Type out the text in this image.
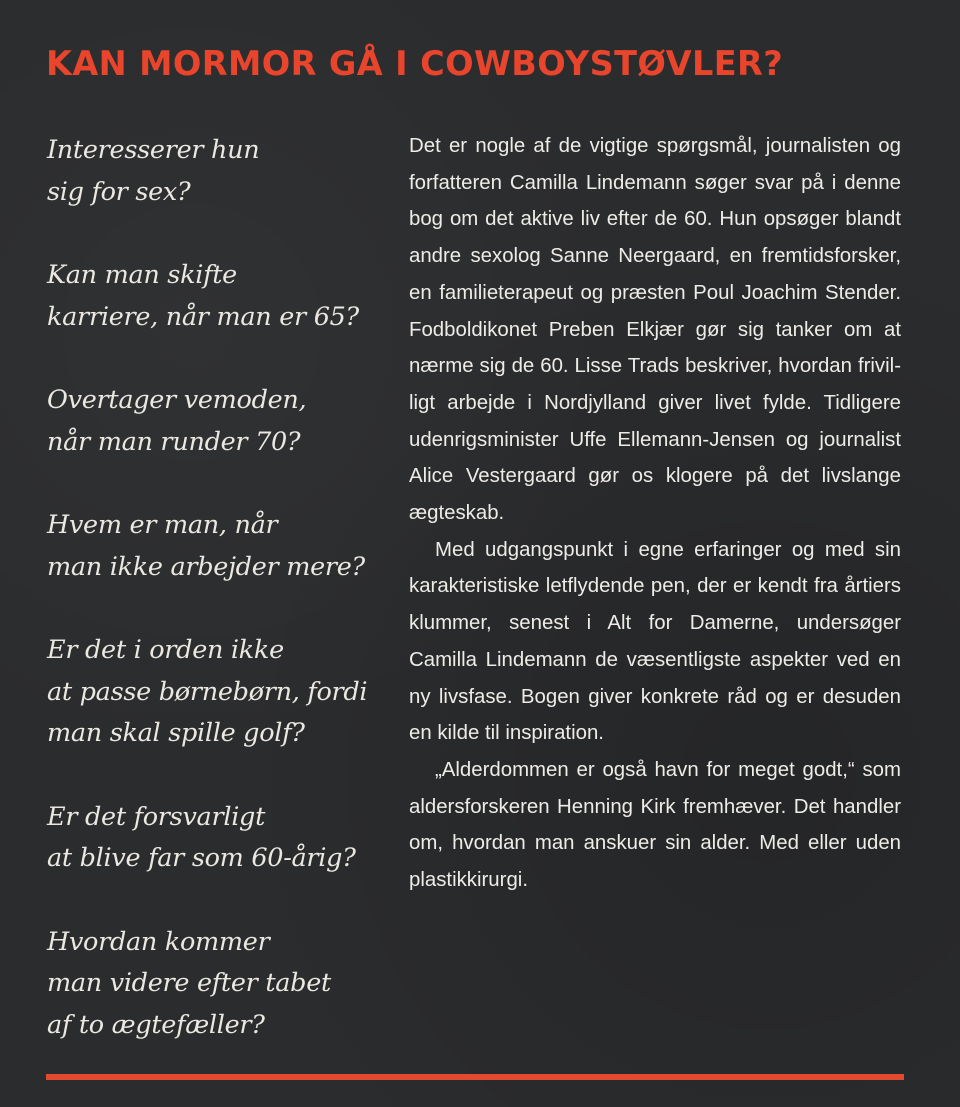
KAN MORMOR GÅ I COWBOYSTØVLER?
Interesserer hun
sig for sex?
Kan man skifte
karriere, når man er 65?
Overtager vemoden,
når man runder 70?
Hvem er man, når
man ikke arbejder mere?
Er det i orden ikke
at passe børnebørn, fordi
man skal spille golf?
Er det forsvarligt
at blive far som 60-årig?
Hvordan kommer
man videre efter tabet
af to ægtefæller?

Det er nogle af de vigtige spørgsmål, journalisten og forfatteren Camilla Lindemann søger svar på i denne bog om det aktive liv efter de 60. Hun opsøger blandt andre sexolog Sanne Neergaard, en fremtidsforsker, en familieterapeut og præsten Poul Joachim Stender. Fodboldikonet Preben Elkjær gør sig tanker om at nærme sig de 60. Lisse Trads beskriver, hvordan frivilligt arbejde i Nordjylland giver livet fylde. Tidligere udenrigsminister Uffe Ellemann-Jensen og journalist Alice Vestergaard gør os klogere på det livslange ægteskab.

Med udgangspunkt i egne erfaringer og med sin karakteristiske letflydende pen, der er kendt fra årtiers klummer, senest i Alt for Damerne, undersøger Camilla Lindemann de væsentligste aspekter ved en ny livsfase. Bogen giver konkrete råd og er desuden en kilde til inspiration.

„Alderdommen er også havn for meget godt,“ som aldersforskeren Henning Kirk fremhæver. Det handler om, hvordan man anskuer sin alder. Med eller uden plastikkirurgi.
